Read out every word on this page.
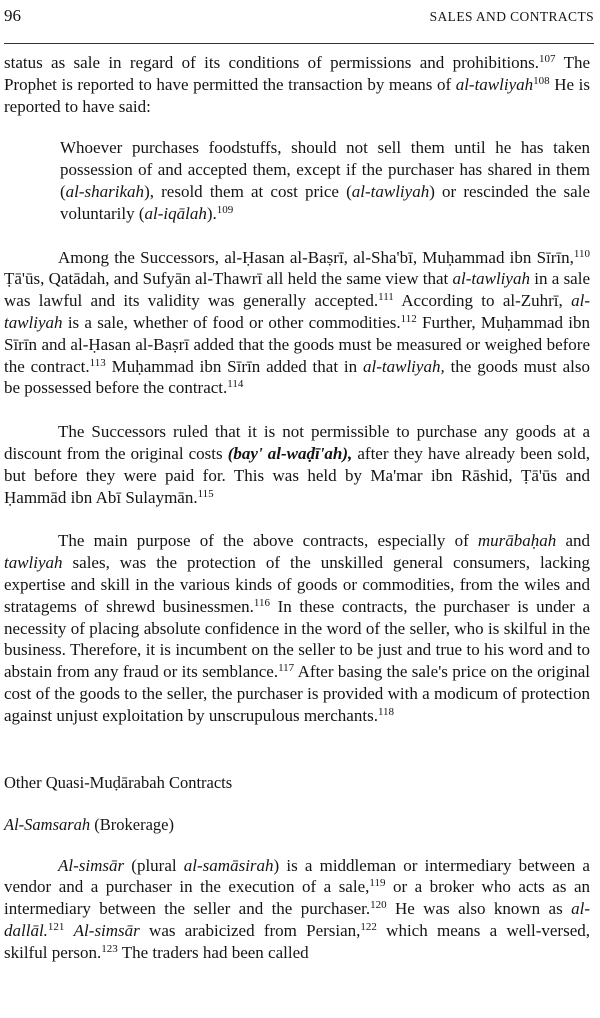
96	SALES AND CONTRACTS

status as sale in regard of its conditions of permissions and prohibitions.$^{107}$ The Prophet is reported to have permitted the transaction by means of al-tawliyah$^{108}$ He is reported to have said:

Whoever purchases foodstuffs, should not sell them until he has taken possession of and accepted them, except if the purchaser has shared in them (al-sharikah), resold them at cost price (al-tawliyah) or rescinded the sale voluntarily (al-iqālah).$^{109}$

Among the Successors, al-Ḥasan al-Baṣrī, al-Sha'bī, Muḥammad ibn Sīrīn,$^{110}$ Ṭā'ūs, Qatādah, and Sufyān al-Thawrī all held the same view that al-tawliyah in a sale was lawful and its validity was generally accepted.$^{111}$ According to al-Zuhrī, al-tawliyah is a sale, whether of food or other commodities.$^{112}$ Further, Muḥammad ibn Sīrīn and al-Ḥasan al-Baṣrī added that the goods must be measured or weighed before the contract.$^{113}$ Muḥammad ibn Sīrīn added that in al-tawliyah, the goods must also be possessed before the contract.$^{114}$

The Successors ruled that it is not permissible to purchase any goods at a discount from the original costs (bay' al-waḍī'ah), after they have already been sold, but before they were paid for. This was held by Ma'mar ibn Rāshid, Ṭā'ūs and Ḥammād ibn Abī Sulaymān.$^{115}$

The main purpose of the above contracts, especially of murābaḥah and tawliyah sales, was the protection of the unskilled general consumers, lacking expertise and skill in the various kinds of goods or commodities, from the wiles and stratagems of shrewd businessmen.$^{116}$ In these contracts, the purchaser is under a necessity of placing absolute confidence in the word of the seller, who is skilful in the business. Therefore, it is incumbent on the seller to be just and true to his word and to abstain from any fraud or its semblance.$^{117}$ After basing the sale's price on the original cost of the goods to the seller, the purchaser is provided with a modicum of protection against unjust exploitation by unscrupulous merchants.$^{118}$

Other Quasi-Muḍārabah Contracts
Al-Samsarah (Brokerage)

Al-simsār (plural al-samāsirah) is a middleman or intermediary between a vendor and a purchaser in the execution of a sale,$^{119}$ or a broker who acts as an intermediary between the seller and the purchaser.$^{120}$ He was also known as al-dallāl.$^{121}$ Al-simsār was arabicized from Persian,$^{122}$ which means a well-versed, skilful person.$^{123}$ The traders had been called
